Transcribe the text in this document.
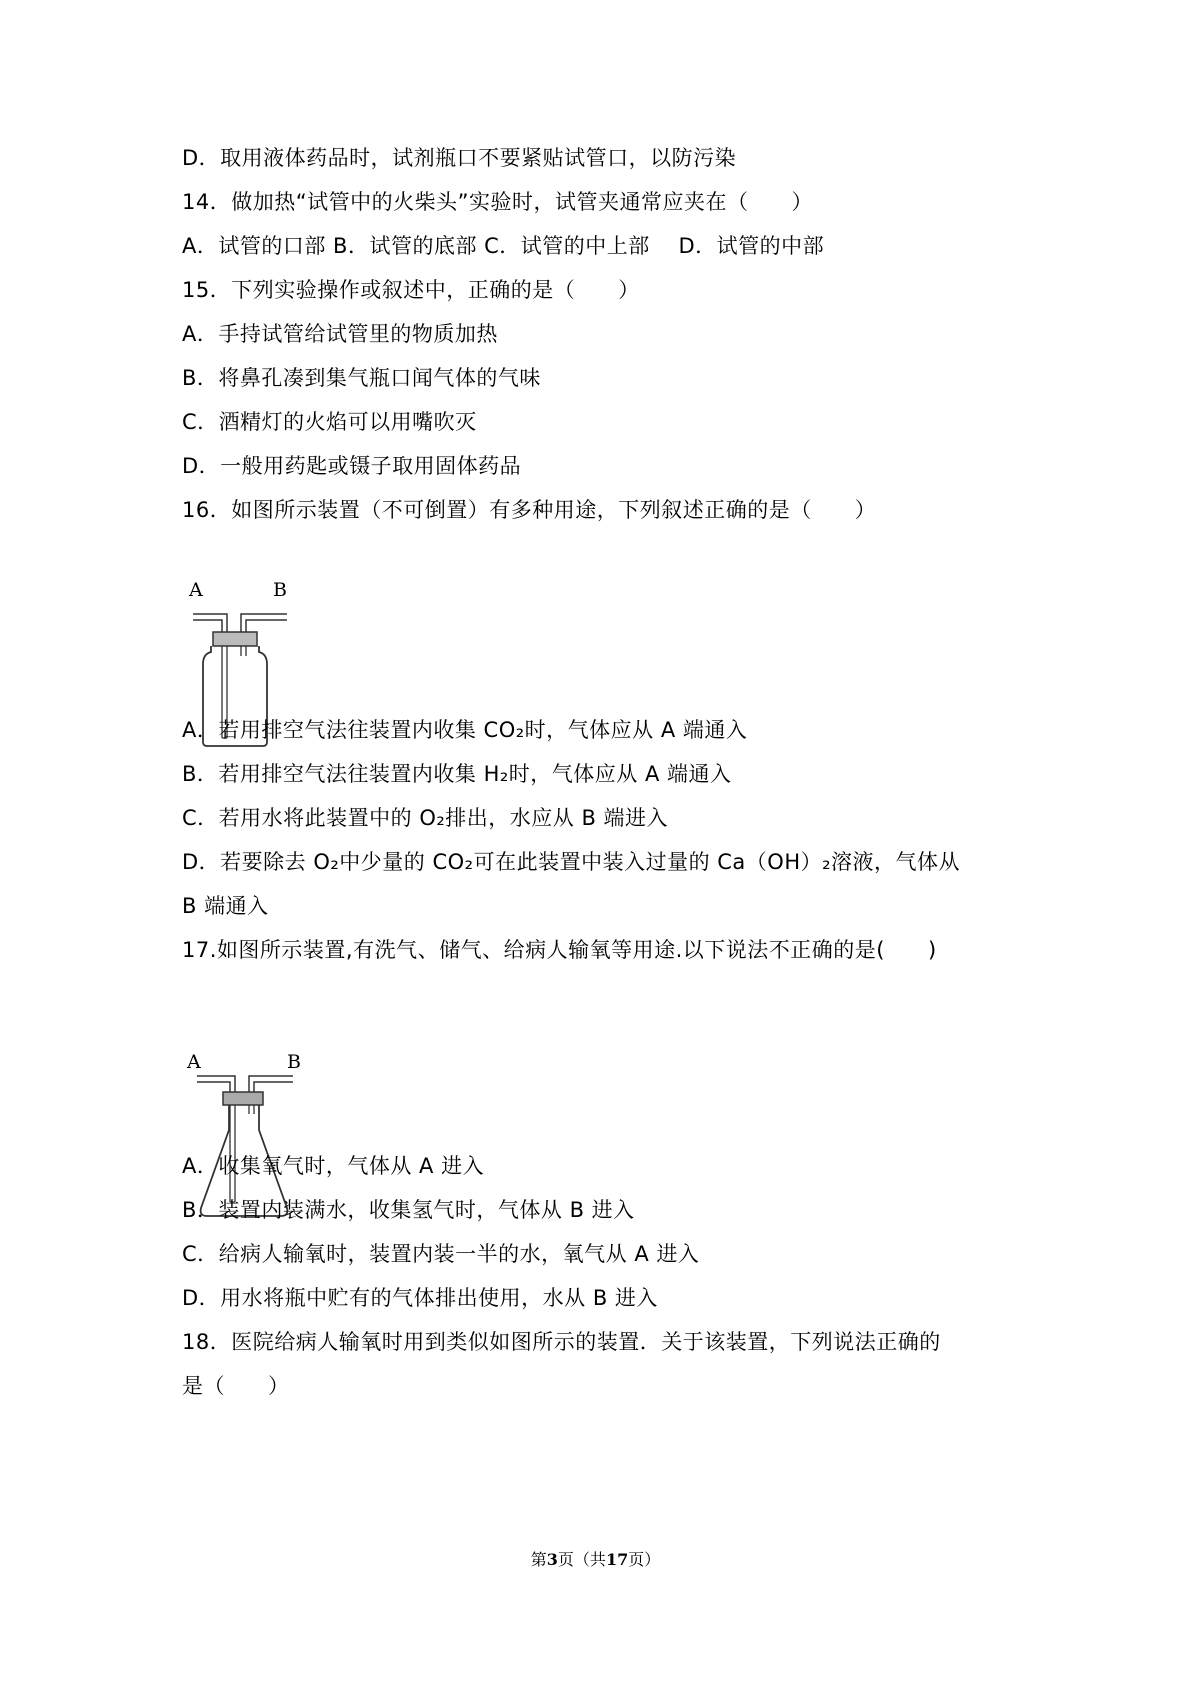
D．取用液体药品时，试剂瓶口不要紧贴试管口，以防污染
14．做加热“试管中的火柴头”实验时，试管夹通常应夹在（　　）
A．试管的口部 B．试管的底部 C．试管的中上部　 D．试管的中部
15．下列实验操作或叙述中，正确的是（　　）
A．手持试管给试管里的物质加热
B．将鼻孔凑到集气瓶口闻气体的气味
C．酒精灯的火焰可以用嘴吹灭
D．一般用药匙或镊子取用固体药品
16．如图所示装置（不可倒置）有多种用途，下列叙述正确的是（　　）
A	B
A．若用排空气法往装置内收集 CO₂时，气体应从 A 端通入
B．若用排空气法往装置内收集 H₂时，气体应从 A 端通入
C．若用水将此装置中的 O₂排出，水应从 B 端进入
D．若要除去 O₂中少量的 CO₂可在此装置中装入过量的 Ca（OH）₂溶液，气体从
B 端通入
17.如图所示装置,有洗气、储气、给病人输氧等用途.以下说法不正确的是(　　)
A	B
A．收集氧气时，气体从 A 进入
B．装置内装满水，收集氢气时，气体从 B 进入
C．给病人输氧时，装置内装一半的水，氧气从 A 进入
D．用水将瓶中贮有的气体排出使用，水从 B 进入
18．医院给病人输氧时用到类似如图所示的装置．关于该装置，下列说法正确的
是（　　）
第3页（共17页）
